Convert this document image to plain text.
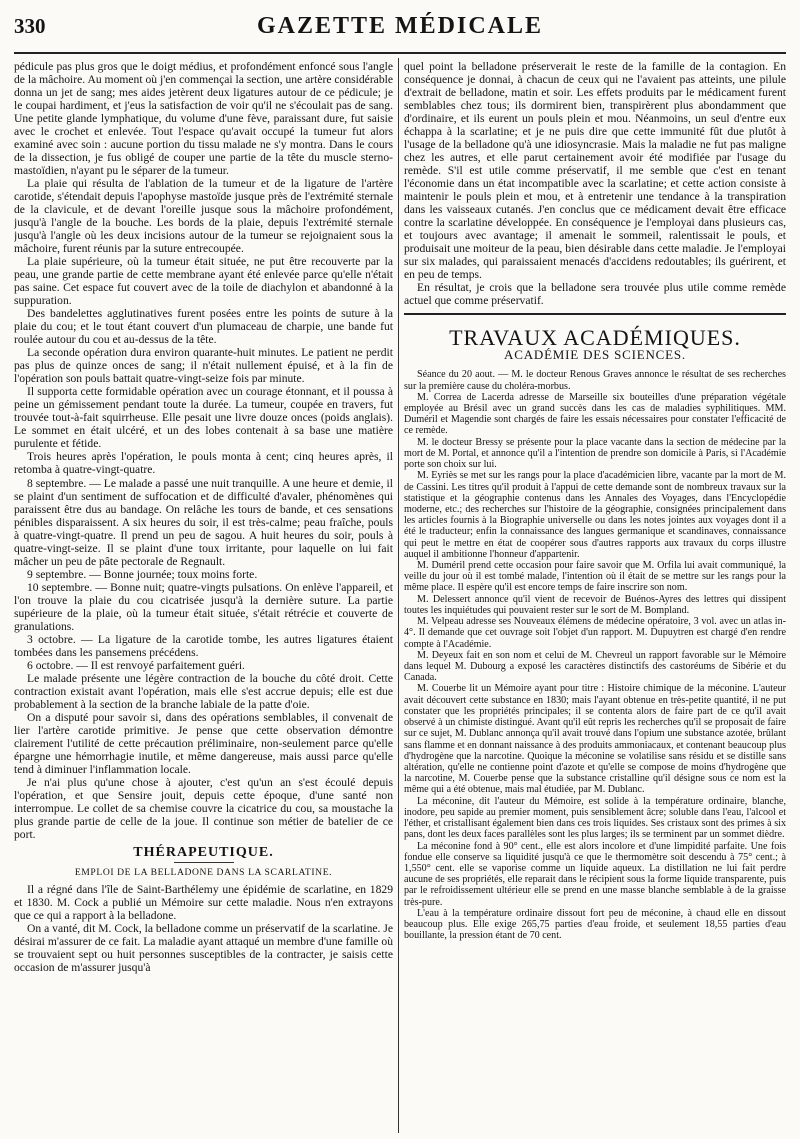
330	GAZETTE MÉDICALE

pédicule pas plus gros que le doigt médius, et profondément enfoncé sous l'angle de la mâchoire. Au moment où j'en commençai la section, une artère considérable donna un jet de sang; mes aides jetèrent deux ligatures autour de ce pédicule; je le coupai hardiment, et j'eus la satisfaction de voir qu'il ne s'écoulait pas de sang. Une petite glande lymphatique, du volume d'une fève, paraissant dure, fut saisie avec le crochet et enlevée. Tout l'espace qu'avait occupé la tumeur fut alors examiné avec soin : aucune portion du tissu malade ne s'y montra. Dans le cours de la dissection, je fus obligé de couper une partie de la tête du muscle sterno-mastoïdien, n'ayant pu le séparer de la tumeur.

La plaie qui résulta de l'ablation de la tumeur et de la ligature de l'artère carotide, s'étendait depuis l'apophyse mastoïde jusque près de l'extrémité sternale de la clavicule, et de devant l'oreille jusque sous la mâchoire profondément, jusqu'à l'angle de la bouche. Les bords de la plaie, depuis l'extrémité sternale jusqu'à l'angle où les deux incisions autour de la tumeur se rejoignaient sous la mâchoire, furent réunis par la suture entrecoupée.

La plaie supérieure, où la tumeur était située, ne put être recouverte par la peau, une grande partie de cette membrane ayant été enlevée parce qu'elle n'était pas saine. Cet espace fut couvert avec de la toile de diachylon et abandonné à la suppuration.

Des bandelettes agglutinatives furent posées entre les points de suture à la plaie du cou; et le tout étant couvert d'un plumaceau de charpie, une bande fut roulée autour du cou et au-dessus de la tête.

La seconde opération dura environ quarante-huit minutes. Le patient ne perdit pas plus de quinze onces de sang; il n'était nullement épuisé, et à la fin de l'opération son pouls battait quatre-vingt-seize fois par minute.

Il supporta cette formidable opération avec un courage étonnant, et il poussa à peine un gémissement pendant toute la durée. La tumeur, coupée en travers, fut trouvée tout-à-fait squirrheuse. Elle pesait une livre douze onces (poids anglais). Le sommet en était ulcéré, et un des lobes contenait à sa base une matière purulente et fétide.

Trois heures après l'opération, le pouls monta à cent; cinq heures après, il retomba à quatre-vingt-quatre.

8 septembre. — Le malade a passé une nuit tranquille. A une heure et demie, il se plaint d'un sentiment de suffocation et de difficulté d'avaler, phénomènes qui paraissent être dus au bandage. On relâche les tours de bande, et ces sensations pénibles disparaissent. A six heures du soir, il est très-calme; peau fraîche, pouls à quatre-vingt-quatre. Il prend un peu de sagou. A huit heures du soir, pouls à quatre-vingt-seize. Il se plaint d'une toux irritante, pour laquelle on lui fait mâcher un peu de pâte pectorale de Regnault.

9 septembre. — Bonne journée; toux moins forte.

10 septembre. — Bonne nuit; quatre-vingts pulsations. On enlève l'appareil, et l'on trouve la plaie du cou cicatrisée jusqu'à la dernière suture. La partie supérieure de la plaie, où la tumeur était située, s'était rétrécie et couverte de granulations.

3 octobre. — La ligature de la carotide tombe, les autres ligatures étaient tombées dans les pansemens précédens.

6 octobre. — Il est renvoyé parfaitement guéri.

Le malade présente une légère contraction de la bouche du côté droit. Cette contraction existait avant l'opération, mais elle s'est accrue depuis; elle est due probablement à la section de la branche labiale de la patte d'oie.

On a disputé pour savoir si, dans des opérations semblables, il convenait de lier l'artère carotide primitive. Je pense que cette observation démontre clairement l'utilité de cette précaution préliminaire, non-seulement parce qu'elle épargne une hémorrhagie inutile, et même dangereuse, mais aussi parce qu'elle tend à diminuer l'inflammation locale.

Je n'ai plus qu'une chose à ajouter, c'est qu'un an s'est écoulé depuis l'opération, et que Sensire jouit, depuis cette époque, d'une santé non interrompue. Le collet de sa chemise couvre la cicatrice du cou, sa moustache la plus grande partie de celle de la joue. Il continue son métier de batelier de ce port.

THÉRAPEUTIQUE.
EMPLOI DE LA BELLADONE DANS LA SCARLATINE.

Il a régné dans l'île de Saint-Barthélemy une épidémie de scarlatine, en 1829 et 1830. M. Cock a publié un Mémoire sur cette maladie. Nous n'en extrayons que ce qui a rapport à la belladone.

On a vanté, dit M. Cock, la belladone comme un préservatif de la scarlatine. Je désirai m'assurer de ce fait. La maladie ayant attaqué un membre d'une famille où se trouvaient sept ou huit personnes susceptibles de la contracter, je saisis cette occasion de m'assurer jusqu'à

quel point la belladone préserverait le reste de la famille de la contagion. En conséquence je donnai, à chacun de ceux qui ne l'avaient pas atteints, une pilule d'extrait de belladone, matin et soir. Les effets produits par le médicament furent semblables chez tous; ils dormirent bien, transpirèrent plus abondamment que d'ordinaire, et ils eurent un pouls plein et mou. Néanmoins, un seul d'entre eux échappa à la scarlatine; et je ne puis dire que cette immunité fût due plutôt à l'usage de la belladone qu'à une idiosyncrasie. Mais la maladie ne fut pas maligne chez les autres, et elle parut certainement avoir été modifiée par l'usage du remède. S'il est utile comme préservatif, il me semble que c'est en tenant l'économie dans un état incompatible avec la scarlatine; et cette action consiste à maintenir le pouls plein et mou, et à entretenir une tendance à la transpiration dans les vaisseaux cutanés. J'en conclus que ce médicament devait être efficace contre la scarlatine développée. En conséquence je l'employai dans plusieurs cas, et toujours avec avantage; il amenait le sommeil, ralentissait le pouls, et produisait une moiteur de la peau, bien désirable dans cette maladie. Je l'employai sur six malades, qui paraissaient menacés d'accidens redoutables; ils guérirent, et en peu de temps.

En résultat, je crois que la belladone sera trouvée plus utile comme remède actuel que comme préservatif.

TRAVAUX ACADÉMIQUES.
ACADÉMIE DES SCIENCES.

Séance du 20 aout. — M. le docteur Renous Graves annonce le résultat de ses recherches sur la première cause du choléra-morbus.

M. Correa de Lacerda adresse de Marseille six bouteilles d'une préparation végétale employée au Brésil avec un grand succès dans les cas de maladies syphilitiques. MM. Duméril et Magendie sont chargés de faire les essais nécessaires pour constater l'efficacité de ce remède.

M. le docteur Bressy se présente pour la place vacante dans la section de médecine par la mort de M. Portal, et annonce qu'il a l'intention de prendre son domicile à Paris, si l'Académie porte son choix sur lui.

M. Eyriès se met sur les rangs pour la place d'académicien libre, vacante par la mort de M. de Cassini. Les titres qu'il produit à l'appui de cette demande sont de nombreux travaux sur la statistique et la géographie contenus dans les Annales des Voyages, dans l'Encyclopédie moderne, etc.; des recherches sur l'histoire de la géographie, consignées principalement dans les articles fournis à la Biographie universelle ou dans les notes jointes aux voyages dont il a été le traducteur; enfin la connaissance des langues germanique et scandinaves, connaissance qui peut le mettre en état de coopérer sous d'autres rapports aux travaux du corps illustre auquel il ambitionne l'honneur d'appartenir.

M. Duméril prend cette occasion pour faire savoir que M. Orfila lui avait communiqué, la veille du jour où il est tombé malade, l'intention où il était de se mettre sur les rangs pour la même place. Il espère qu'il est encore temps de faire inscrire son nom.

M. Delessert annonce qu'il vient de recevoir de Buénos-Ayres des lettres qui dissipent toutes les inquiétudes qui pouvaient rester sur le sort de M. Bompland.

M. Velpeau adresse ses Nouveaux élémens de médecine opératoire, 3 vol. avec un atlas in-4°. Il demande que cet ouvrage soit l'objet d'un rapport. M. Dupuytren est chargé d'en rendre compte à l'Académie.

M. Deyeux fait en son nom et celui de M. Chevreul un rapport favorable sur le Mémoire dans lequel M. Dubourg a exposé les caractères distinctifs des castoréums de Sibérie et du Canada.

M. Couerbe lit un Mémoire ayant pour titre : Histoire chimique de la méconine. L'auteur avait découvert cette substance en 1830; mais l'ayant obtenue en très-petite quantité, il ne put constater que les propriétés principales; il se contenta alors de faire part de ce qu'il avait observé à un chimiste distingué. Avant qu'il eût repris les recherches qu'il se proposait de faire sur ce sujet, M. Dublanc annonça qu'il avait trouvé dans l'opium une substance azotée, brûlant sans flamme et en donnant naissance à des produits ammoniacaux, et contenant beaucoup plus d'hydrogène que la narcotine. Quoique la méconine se volatilise sans résidu et se distille sans altération, qu'elle ne contienne point d'azote et qu'elle se compose de moins d'hydrogène que la narcotine, M. Couerbe pense que la substance cristalline qu'il désigne sous ce nom est la même qui a été obtenue, mais mal étudiée, par M. Dublanc.

La méconine, dit l'auteur du Mémoire, est solide à la température ordinaire, blanche, inodore, peu sapide au premier moment, puis sensiblement âcre; soluble dans l'eau, l'alcool et l'éther, et cristallisant également bien dans ces trois liquides. Ses cristaux sont des primes à six pans, dont les deux faces parallèles sont les plus larges; ils se terminent par un sommet dièdre.

La méconine fond à 90° cent., elle est alors incolore et d'une limpidité parfaite. Une fois fondue elle conserve sa liquidité jusqu'à ce que le thermomètre soit descendu à 75° cent.; à 1,550° cent. elle se vaporise comme un liquide aqueux. La distillation ne lui fait perdre aucune de ses propriétés, elle reparait dans le récipient sous la forme liquide transparente, puis par le refroidissement ultérieur elle se prend en une masse blanche semblable à de la graisse très-pure.

L'eau à la température ordinaire dissout fort peu de méconine, à chaud elle en dissout beaucoup plus. Elle exige 265,75 parties d'eau froide, et seulement 18,55 parties d'eau bouillante, la pression étant de 70 cent.
